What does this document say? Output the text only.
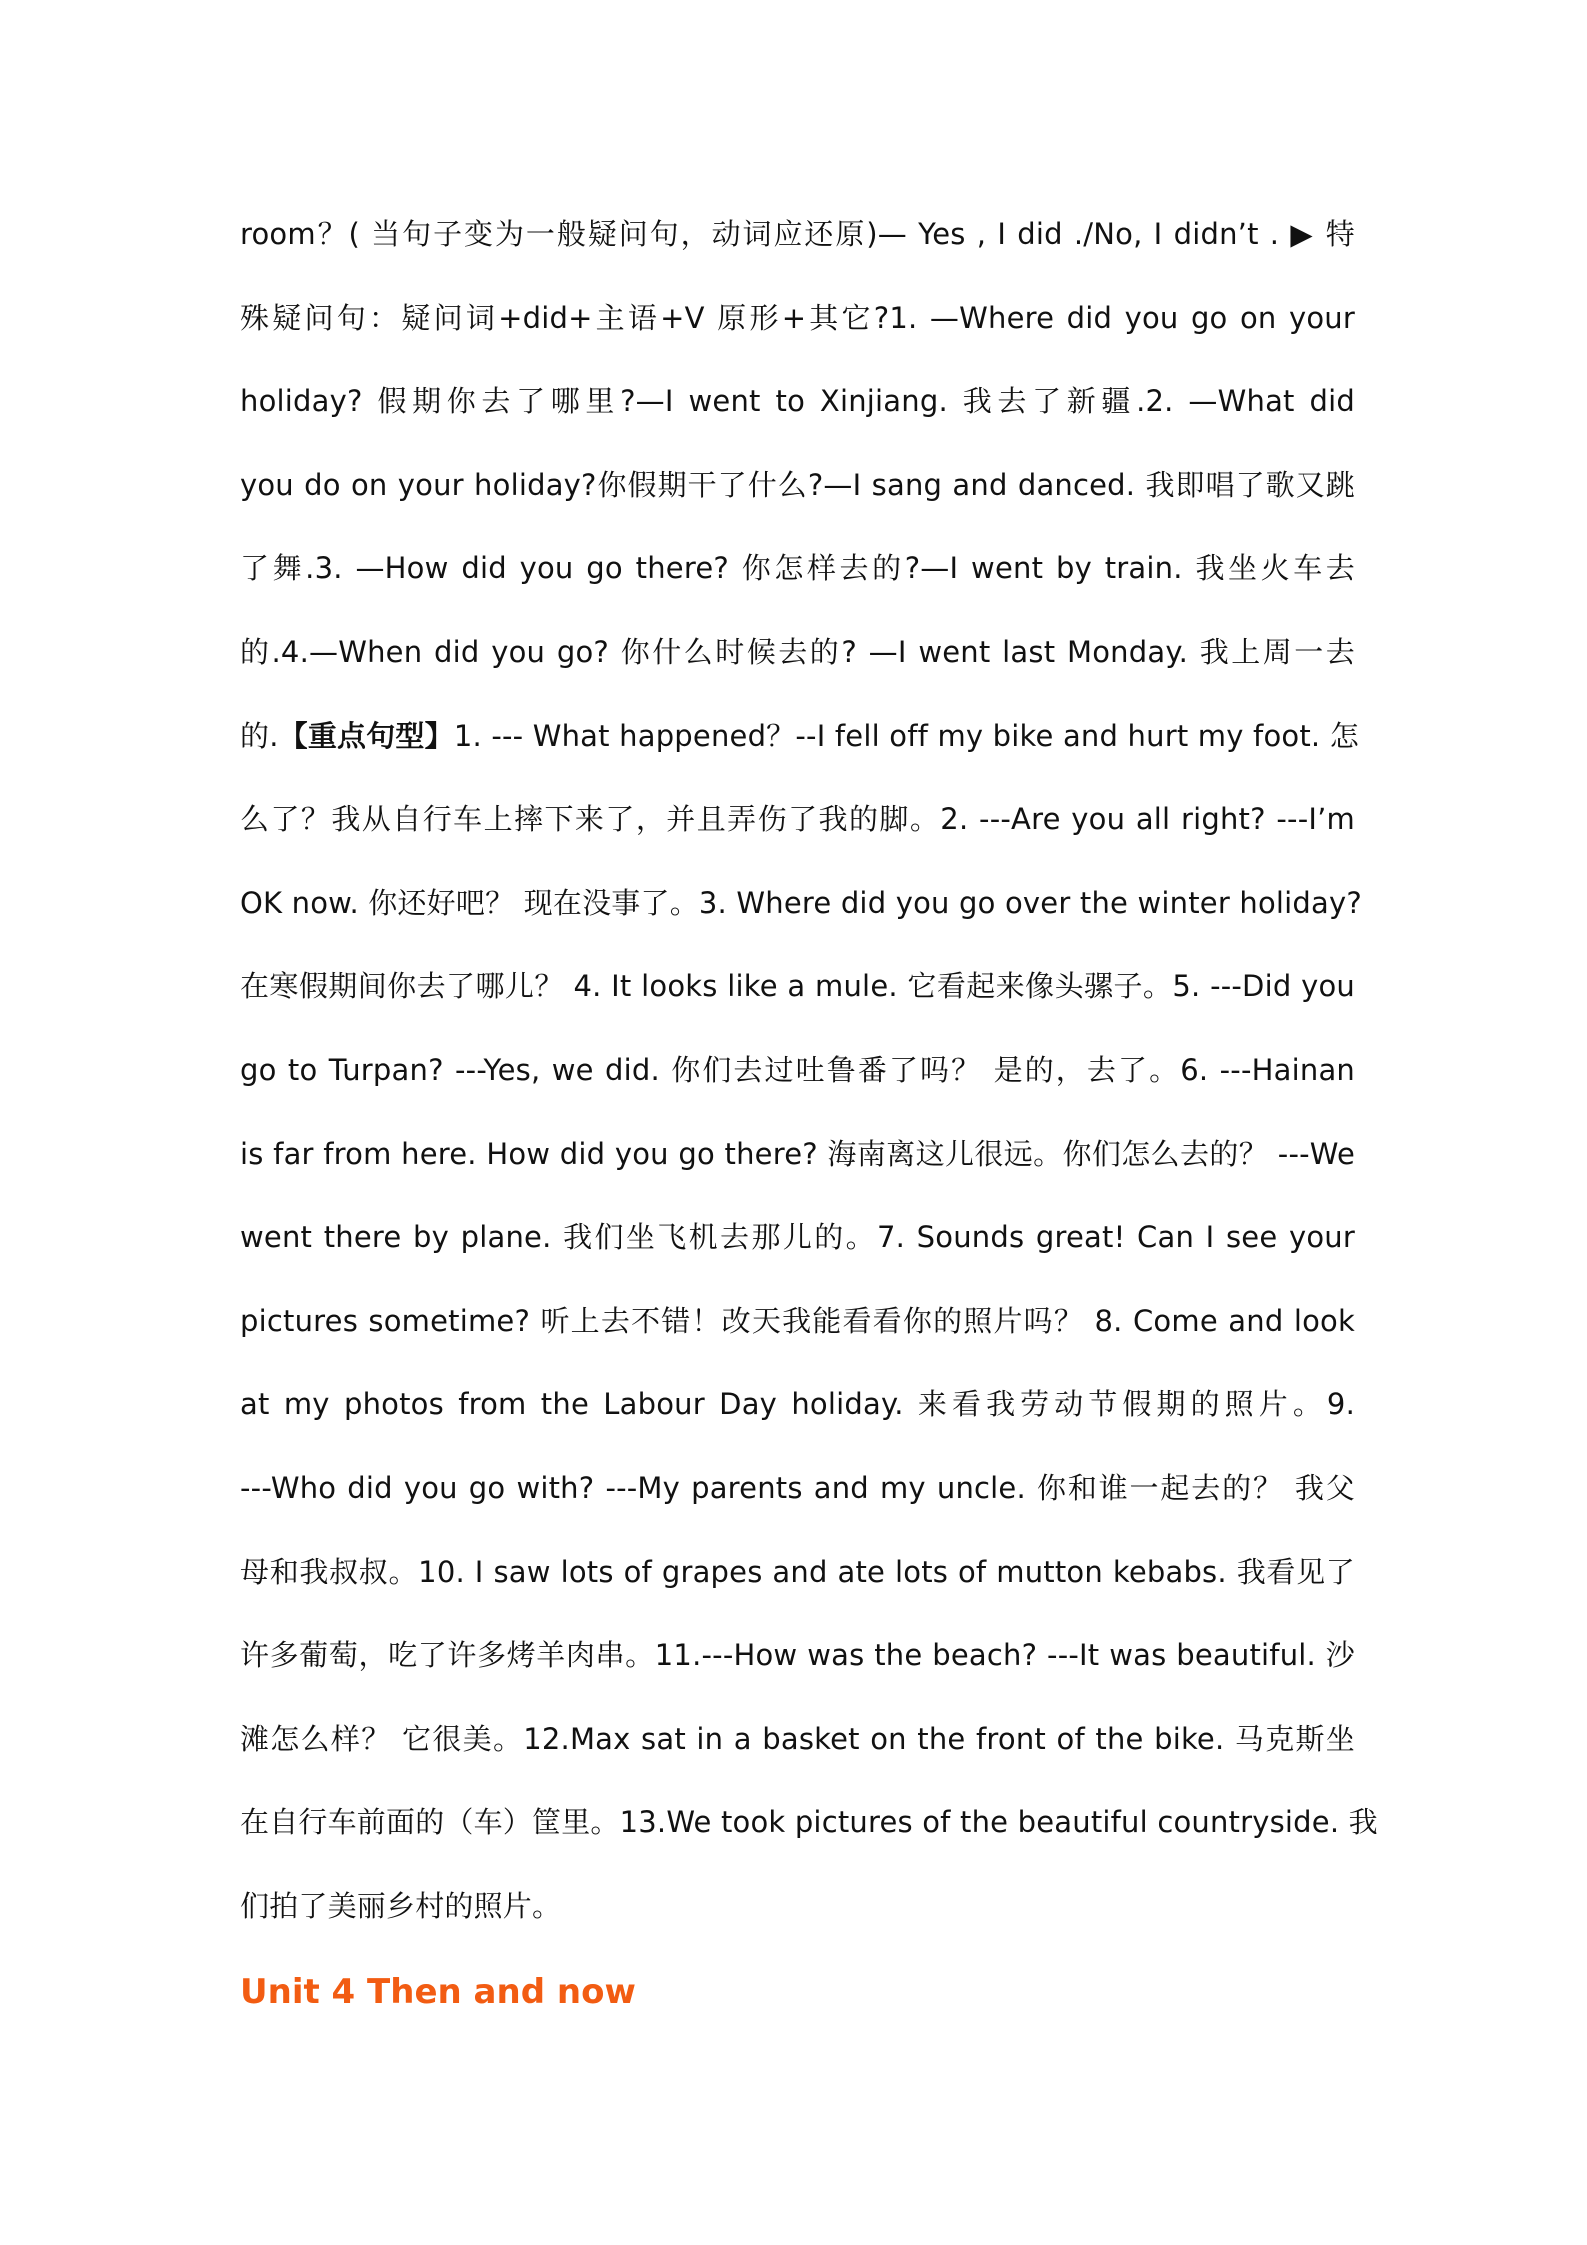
room？( 当句子变为一般疑问句，动词应还原)— Yes , I did ./No, I didn’t . ▶ 特
殊疑问句：疑问词+did+主语+V 原形+其它?1. —Where did you go on your
holiday? 假期你去了哪里?—I went to Xinjiang. 我去了新疆.2. —What did
you do on your holiday?你假期干了什么?—I sang and danced. 我即唱了歌又跳
了舞.3. —How did you go there? 你怎样去的?—I went by train. 我坐火车去
的.4.—When did you go? 你什么时候去的? —I went last Monday. 我上周一去
的.【重点句型】1. --- What happened？--I fell off my bike and hurt my foot. 怎
么了？我从自行车上摔下来了，并且弄伤了我的脚。2. ---Are you all right? ---I’m
OK now. 你还好吧？ 现在没事了。3. Where did you go over the winter holiday?
在寒假期间你去了哪儿？ 4. It looks like a mule. 它看起来像头骡子。5. ---Did you
go to Turpan? ---Yes, we did. 你们去过吐鲁番了吗？ 是的，去了。6. ---Hainan
is far from here. How did you go there? 海南离这儿很远。你们怎么去的？ ---We
went there by plane. 我们坐飞机去那儿的。7. Sounds great! Can I see your
pictures sometime? 听上去不错！改天我能看看你的照片吗？ 8. Come and look
at my photos from the Labour Day holiday. 来看我劳动节假期的照片。9.
---Who did you go with? ---My parents and my uncle. 你和谁一起去的？ 我父
母和我叔叔。10. I saw lots of grapes and ate lots of mutton kebabs. 我看见了
许多葡萄，吃了许多烤羊肉串。11.---How was the beach? ---It was beautiful. 沙
滩怎么样？ 它很美。12.Max sat in a basket on the front of the bike. 马克斯坐
在自行车前面的（车）筐里。13.We took pictures of the beautiful countryside. 我
们拍了美丽乡村的照片。
Unit 4 Then and now
